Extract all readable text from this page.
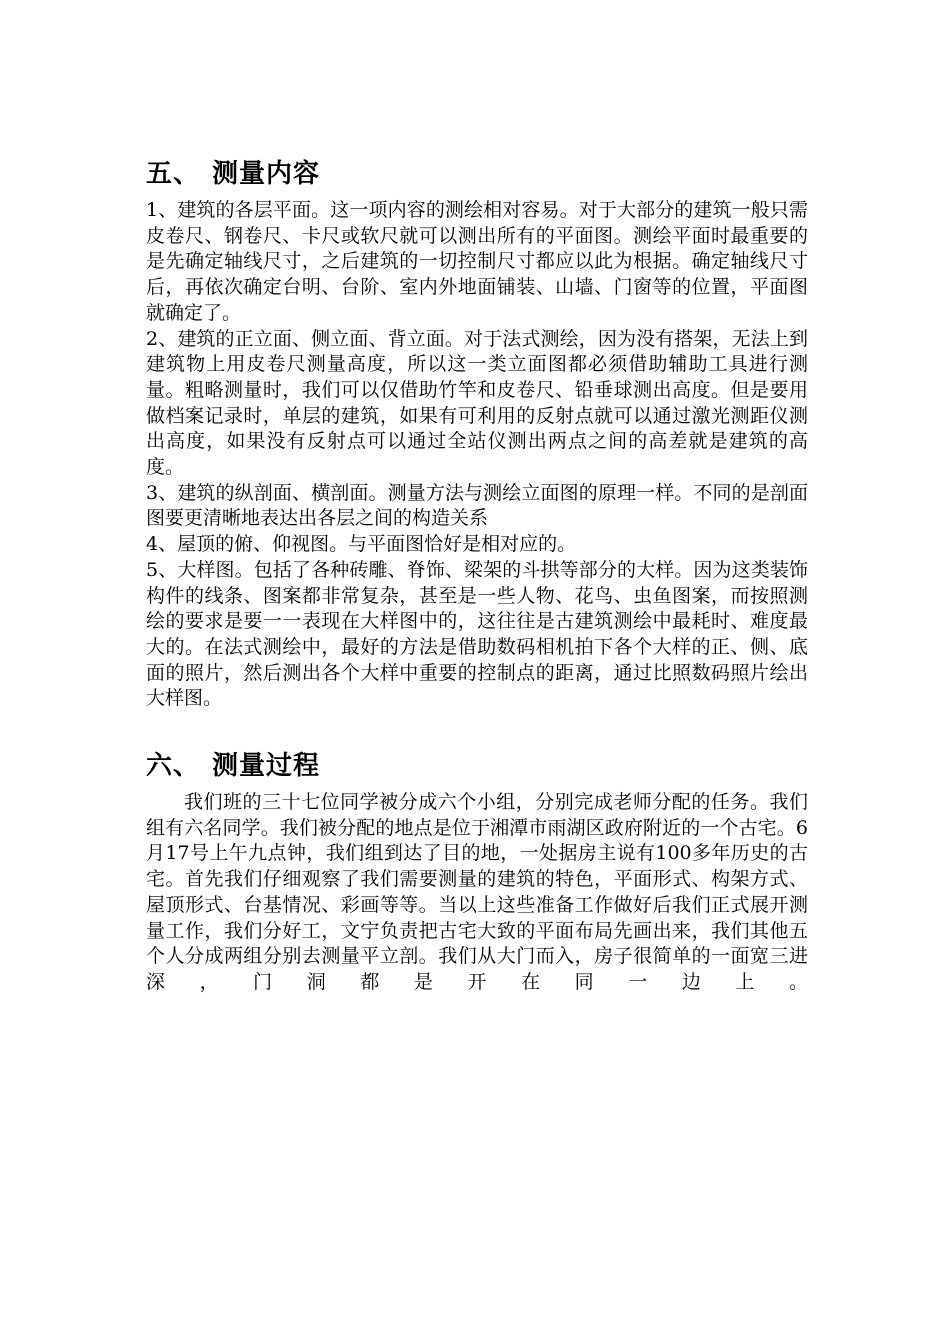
五、 测量内容

1、建筑的各层平面。这一项内容的测绘相对容易。对于大部分的建筑一般只需皮卷尺、钢卷尺、卡尺或软尺就可以测出所有的平面图。测绘平面时最重要的是先确定轴线尺寸，之后建筑的一切控制尺寸都应以此为根据。确定轴线尺寸后，再依次确定台明、台阶、室内外地面铺装、山墙、门窗等的位置，平面图就确定了。

2、建筑的正立面、侧立面、背立面。对于法式测绘，因为没有搭架，无法上到建筑物上用皮卷尺测量高度，所以这一类立面图都必须借助辅助工具进行测量。粗略测量时，我们可以仅借助竹竿和皮卷尺、铅垂球测出高度。但是要用做档案记录时，单层的建筑，如果有可利用的反射点就可以通过激光测距仪测出高度，如果没有反射点可以通过全站仪测出两点之间的高差就是建筑的高度。

3、建筑的纵剖面、横剖面。测量方法与测绘立面图的原理一样。不同的是剖面图要更清晰地表达出各层之间的构造关系

4、屋顶的俯、仰视图。与平面图恰好是相对应的。

5、大样图。包括了各种砖雕、脊饰、梁架的斗拱等部分的大样。因为这类装饰构件的线条、图案都非常复杂，甚至是一些人物、花鸟、虫鱼图案，而按照测绘的要求是要一一表现在大样图中的，这往往是古建筑测绘中最耗时、难度最大的。在法式测绘中，最好的方法是借助数码相机拍下各个大样的正、侧、底面的照片，然后测出各个大样中重要的控制点的距离，通过比照数码照片绘出大样图。

六、 测量过程

我们班的三十七位同学被分成六个小组，分别完成老师分配的任务。我们组有六名同学。我们被分配的地点是位于湘潭市雨湖区政府附近的一个古宅。6月17号上午九点钟，我们组到达了目的地，一处据房主说有100多年历史的古宅。首先我们仔细观察了我们需要测量的建筑的特色，平面形式、构架方式、屋顶形式、台基情况、彩画等等。当以上这些准备工作做好后我们正式展开测量工作，我们分好工，文宁负责把古宅大致的平面布局先画出来，我们其他五个人分成两组分别去测量平立剖。我们从大门而入，房子很简单的一面宽三进深，门洞都是开在同一边上。
